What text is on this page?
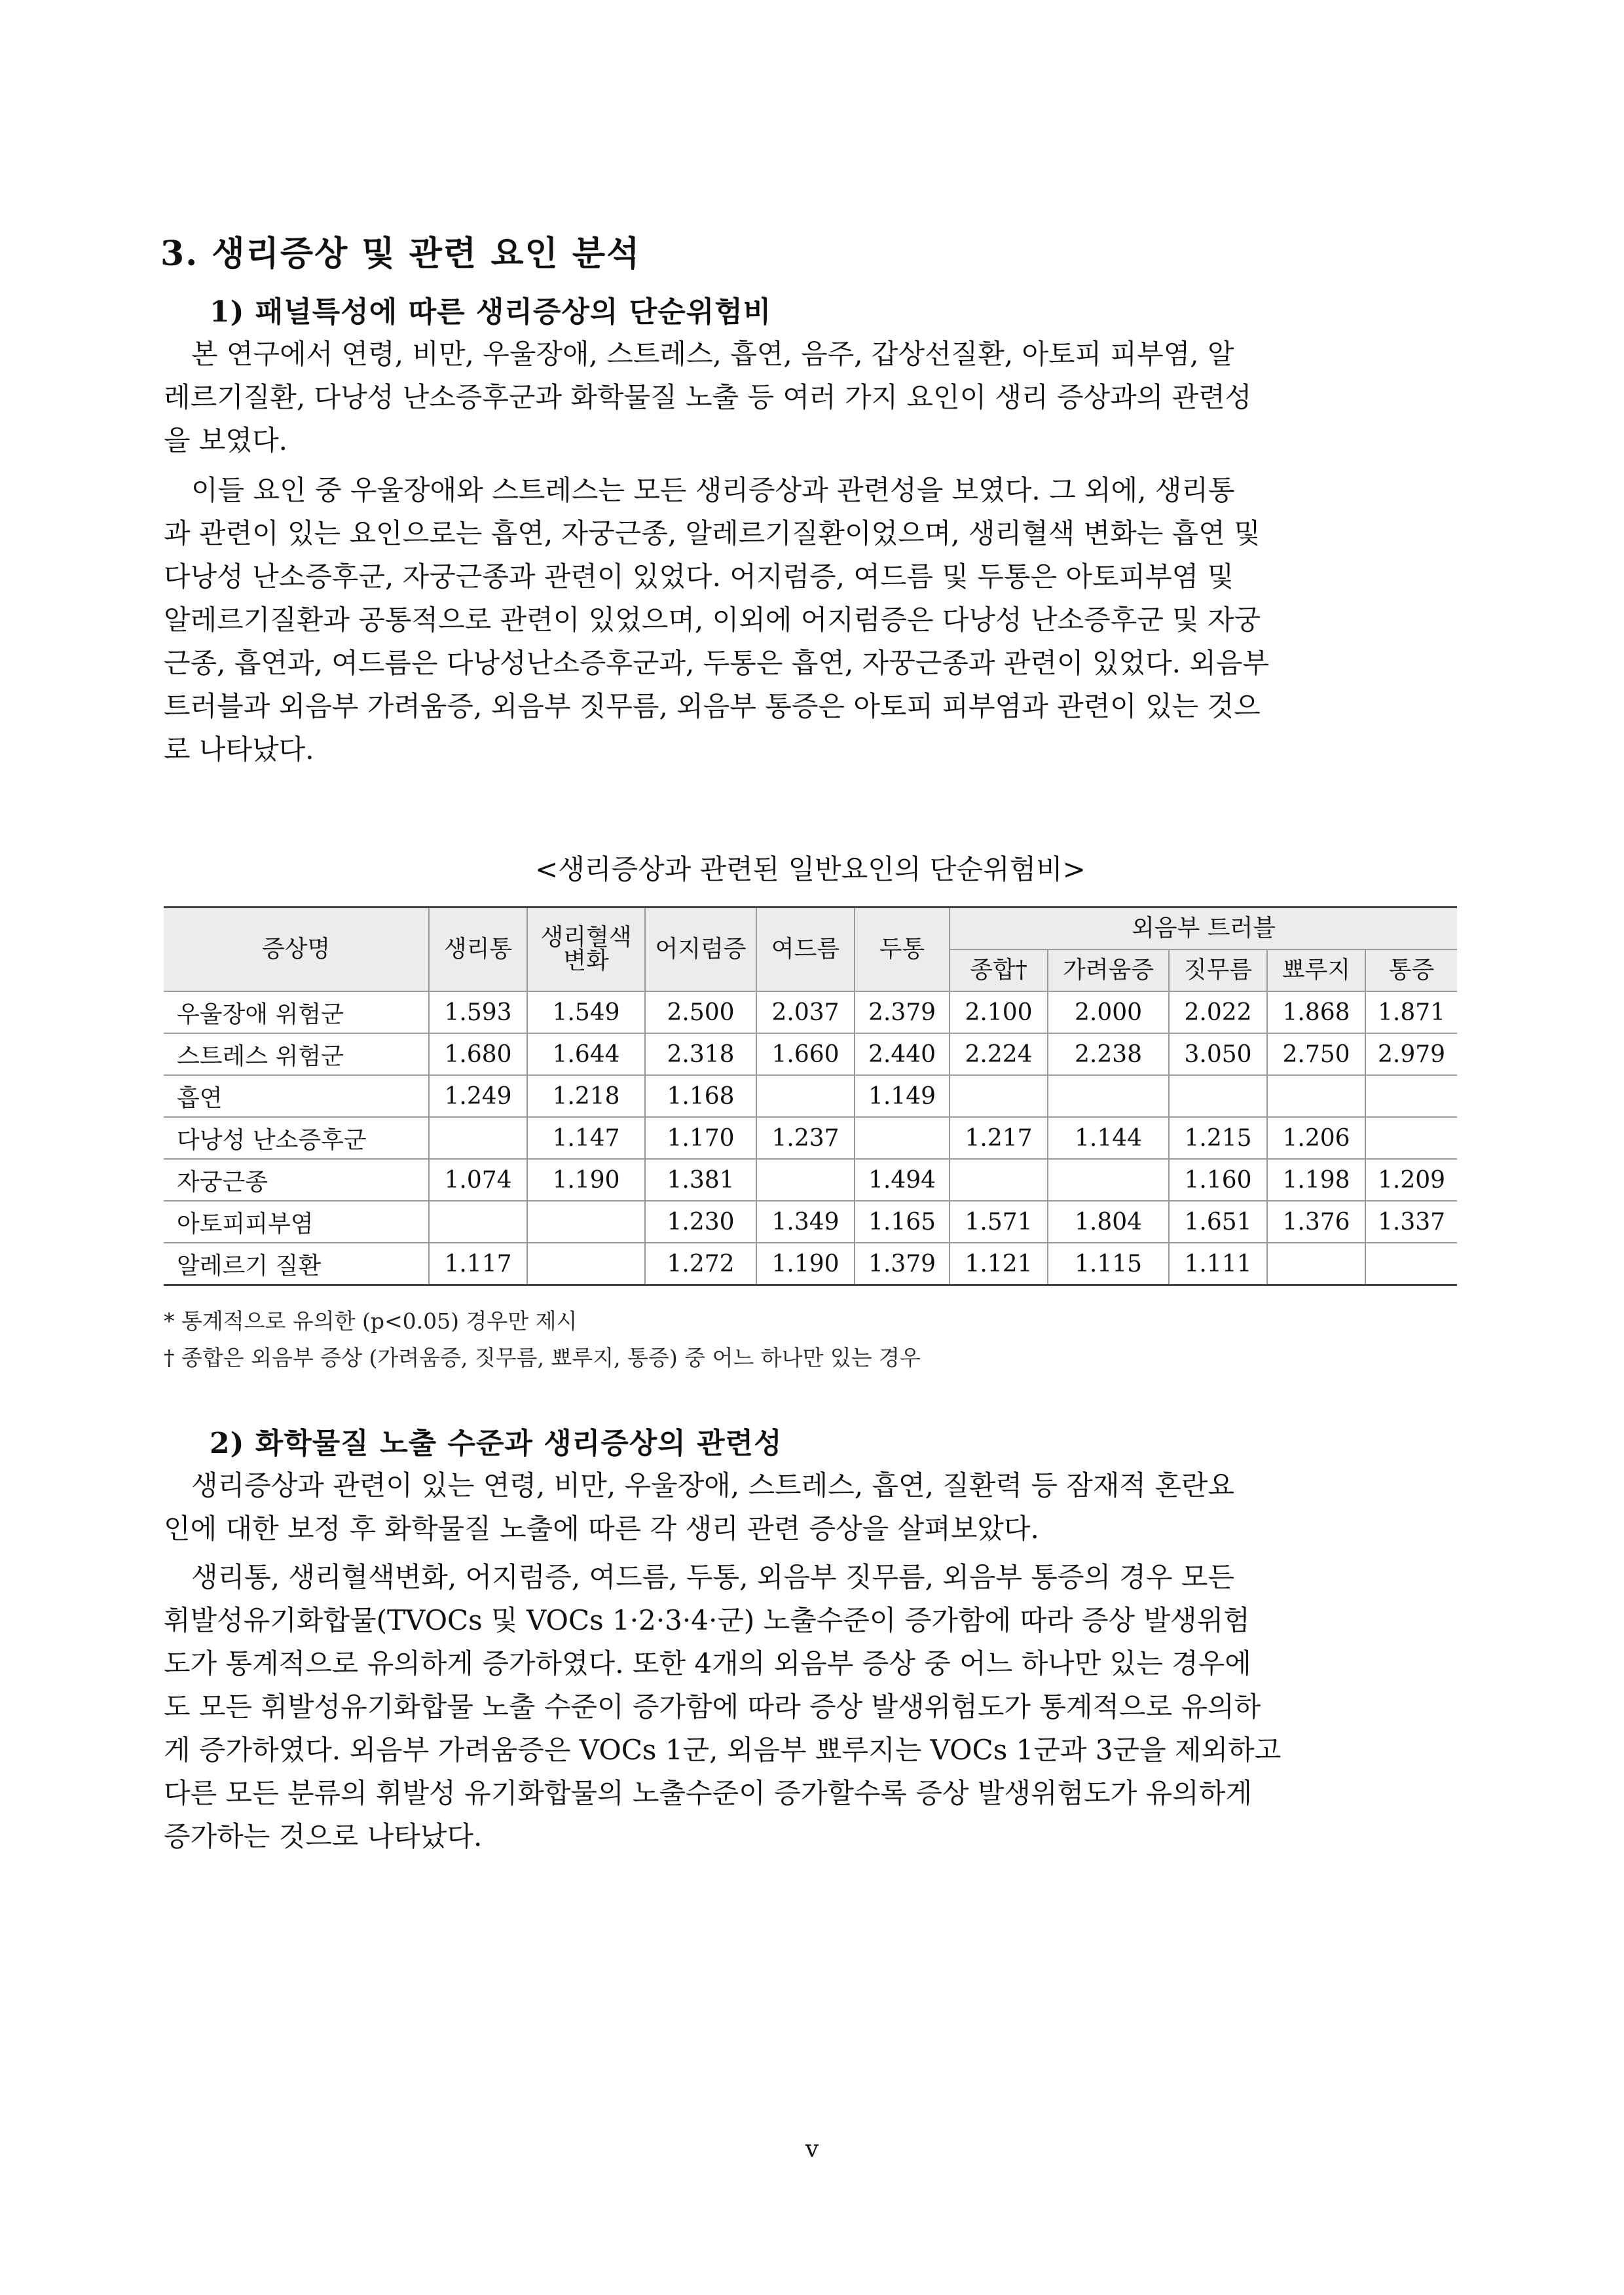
3. 생리증상 및 관련 요인 분석
1) 패널특성에 따른 생리증상의 단순위험비
　본 연구에서 연령, 비만, 우울장애, 스트레스, 흡연, 음주, 갑상선질환, 아토피 피부염, 알
레르기질환, 다낭성 난소증후군과 화학물질 노출 등 여러 가지 요인이 생리 증상과의 관련성
을 보였다.
　이들 요인 중 우울장애와 스트레스는 모든 생리증상과 관련성을 보였다. 그 외에, 생리통
과 관련이 있는 요인으로는 흡연, 자궁근종, 알레르기질환이었으며, 생리혈색 변화는 흡연 및
다낭성 난소증후군, 자궁근종과 관련이 있었다. 어지럼증, 여드름 및 두통은 아토피부염 및
알레르기질환과 공통적으로 관련이 있었으며, 이외에 어지럼증은 다낭성 난소증후군 및 자궁
근종, 흡연과, 여드름은 다낭성난소증후군과, 두통은 흡연, 자꿍근종과 관련이 있었다. 외음부
트러블과 외음부 가려움증, 외음부 짓무름, 외음부 통증은 아토피 피부염과 관련이 있는 것으
로 나타났다.

<생리증상과 관련된 일반요인의 단순위험비>

증상명	생리통	생리혈색
변화	어지럼증	여드름	두통	외음부 트러블				
						종합†	가려움증	짓무름	뾰루지	통증
우울장애 위험군	1.593	1.549	2.500	2.037	2.379	2.100	2.000	2.022	1.868	1.871
스트레스 위험군	1.680	1.644	2.318	1.660	2.440	2.224	2.238	3.050	2.750	2.979
흡연	1.249	1.218	1.168		1.149					
다낭성 난소증후군		1.147	1.170	1.237		1.217	1.144	1.215	1.206	
자궁근종	1.074	1.190	1.381		1.494			1.160	1.198	1.209
아토피피부염			1.230	1.349	1.165	1.571	1.804	1.651	1.376	1.337
알레르기 질환	1.117		1.272	1.190	1.379	1.121	1.115	1.111		

* 통계적으로 유의한 (p<0.05) 경우만 제시

† 종합은 외음부 증상 (가려움증, 짓무름, 뾰루지, 통증) 중 어느 하나만 있는 경우

2) 화학물질 노출 수준과 생리증상의 관련성
　생리증상과 관련이 있는 연령, 비만, 우울장애, 스트레스, 흡연, 질환력 등 잠재적 혼란요
인에 대한 보정 후 화학물질 노출에 따른 각 생리 관련 증상을 살펴보았다.
　생리통, 생리혈색변화, 어지럼증, 여드름, 두통, 외음부 짓무름, 외음부 통증의 경우 모든
휘발성유기화합물(TVOCs 및 VOCs 1·2·3·4·군) 노출수준이 증가함에 따라 증상 발생위험
도가 통계적으로 유의하게 증가하였다. 또한 4개의 외음부 증상 중 어느 하나만 있는 경우에
도 모든 휘발성유기화합물 노출 수준이 증가함에 따라 증상 발생위험도가 통계적으로 유의하
게 증가하였다. 외음부 가려움증은 VOCs 1군, 외음부 뾰루지는 VOCs 1군과 3군을 제외하고
다른 모든 분류의 휘발성 유기화합물의 노출수준이 증가할수록 증상 발생위험도가 유의하게
증가하는 것으로 나타났다.

v
